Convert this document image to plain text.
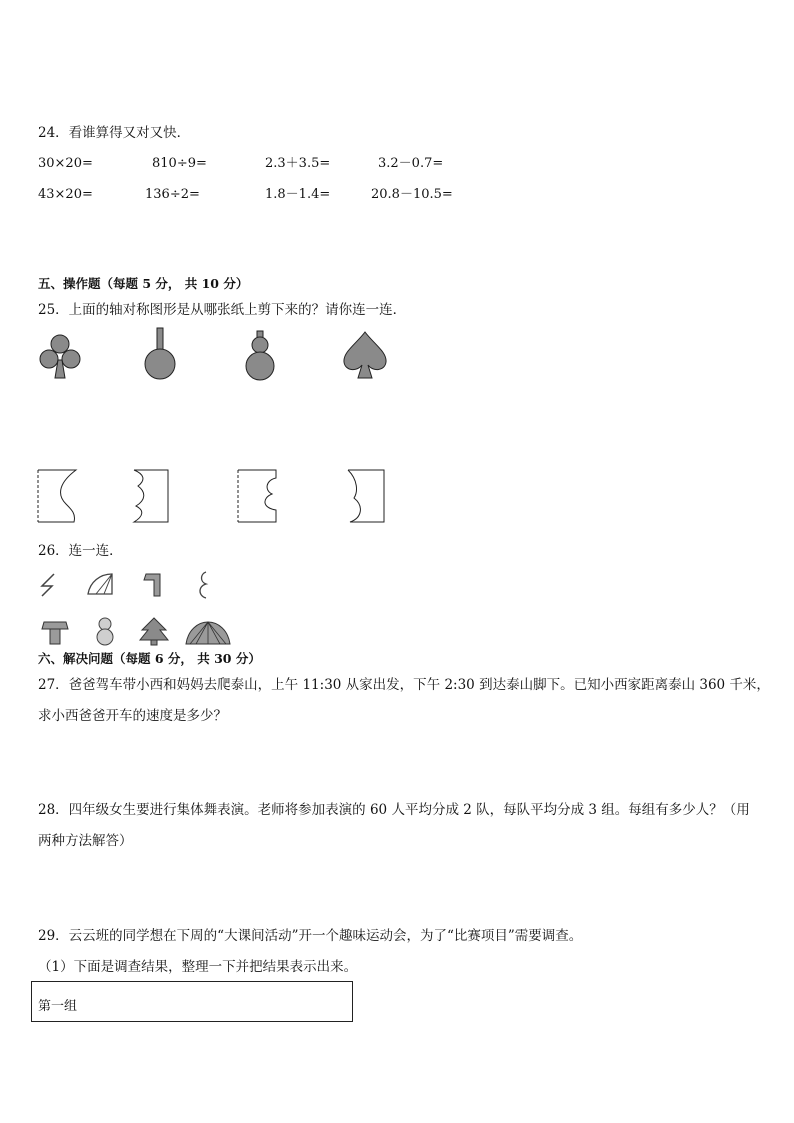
24．看谁算得又对又快．
30×20=	810÷9=	2.3＋3.5=	3.2－0.7=
43×20=	136÷2=	1.8－1.4=	20.8－10.5=
五、操作题（每题 5 分， 共 10 分）
25．上面的轴对称图形是从哪张纸上剪下来的？请你连一连．
26．连一连．
六、解决问题（每题 6 分， 共 30 分）
27．爸爸驾车带小西和妈妈去爬泰山，上午 11:30 从家出发，下午 2:30 到达泰山脚下。已知小西家距离泰山 360 千米，
求小西爸爸开车的速度是多少？
28．四年级女生要进行集体舞表演。老师将参加表演的 60 人平均分成 2 队，每队平均分成 3 组。每组有多少人？（用
两种方法解答）
29．云云班的同学想在下周的“大课间活动”开一个趣味运动会，为了“比赛项目”需要调查。
（1）下面是调查结果，整理一下并把结果表示出来。
第一组
